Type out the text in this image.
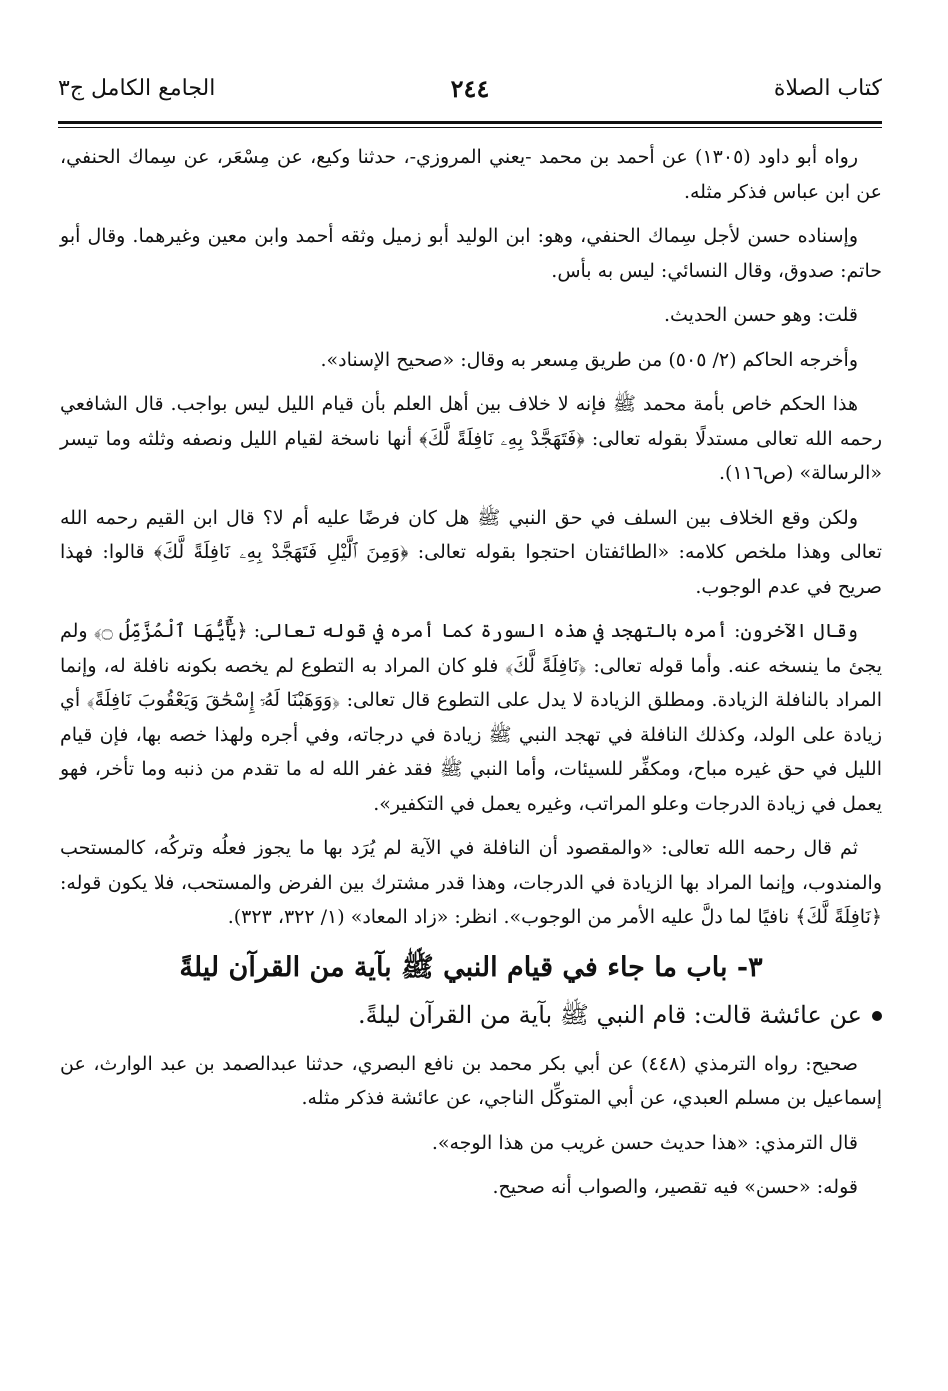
كتاب الصلاة
٢٤٤
الجامع الكامل ج٣

رواه أبو داود (١٣٠٥) عن أحمد بن محمد -يعني المروزي-، حدثنا وكيع، عن مِسْعَر، عن سِماك الحنفي، عن ابن عباس فذكر مثله.

وإسناده حسن لأجل سِماك الحنفي، وهو: ابن الوليد أبو زميل وثقه أحمد وابن معين وغيرهما. وقال أبو حاتم: صدوق، وقال النسائي: ليس به بأس.

قلت: وهو حسن الحديث.

وأخرجه الحاكم (٢/ ٥٠٥) من طريق مِسعر به وقال: «صحيح الإسناد».

هذا الحكم خاص بأمة محمد ﷺ فإنه لا خلاف بين أهل العلم بأن قيام الليل ليس بواجب. قال الشافعي رحمه الله تعالى مستدلًا بقوله تعالى: ﴿فَتَهَجَّدْ بِهِۦ نَافِلَةً لَّكَ﴾ أنها ناسخة لقيام الليل ونصفه وثلثه وما تيسر «الرسالة» (ص١١٦).

ولكن وقع الخلاف بين السلف في حق النبي ﷺ هل كان فرضًا عليه أم لا؟ قال ابن القيم رحمه الله تعالى وهذا ملخص كلامه: «الطائفتان احتجوا بقوله تعالى: ﴿وَمِنَ ٱلَّيْلِ فَتَهَجَّدْ بِهِۦ نَافِلَةً لَّكَ﴾ قالوا: فهذا صريح في عدم الوجوب.

وقال الآخرون: أمره بالتهجد في هذه السورة كما أمره في قوله تعالى: ﴿يَٰٓأَيُّهَا ٱلْمُزَّمِّلُ ۝﴾ ولم يجئ ما ينسخه عنه. وأما قوله تعالى: ﴿نَافِلَةً لَّكَ﴾ فلو كان المراد به التطوع لم يخصه بكونه نافلة له، وإنما المراد بالنافلة الزيادة. ومطلق الزيادة لا يدل على التطوع قال تعالى: ﴿وَوَهَبْنَا لَهُۥٓ إِسْحَٰقَ وَيَعْقُوبَ نَافِلَةً﴾ أي زيادة على الولد، وكذلك النافلة في تهجد النبي ﷺ زيادة في درجاته، وفي أجره ولهذا خصه بها، فإن قيام الليل في حق غيره مباح، ومكفِّر للسيئات، وأما النبي ﷺ فقد غفر الله له ما تقدم من ذنبه وما تأخر، فهو يعمل في زيادة الدرجات وعلو المراتب، وغيره يعمل في التكفير».

ثم قال رحمه الله تعالى: «والمقصود أن النافلة في الآية لم يُرَد بها ما يجوز فعلُه وتركُه، كالمستحب والمندوب، وإنما المراد بها الزيادة في الدرجات، وهذا قدر مشترك بين الفرض والمستحب، فلا يكون قوله: ﴿نَافِلَةً لَّكَ﴾ نافيًا لما دلَّ عليه الأمر من الوجوب». انظر: «زاد المعاد» (١/ ٣٢٢، ٣٢٣).

٣- باب ما جاء في قيام النبي ﷺ بآية من القرآن ليلةً

عن عائشة قالت: قام النبي ﷺ بآية من القرآن ليلةً.

صحيح: رواه الترمذي (٤٤٨) عن أبي بكر محمد بن نافع البصري، حدثنا عبدالصمد بن عبد الوارث، عن إسماعيل بن مسلم العبدي، عن أبي المتوكِّل الناجي، عن عائشة فذكر مثله.

قال الترمذي: «هذا حديث حسن غريب من هذا الوجه».

قوله: «حسن» فيه تقصير، والصواب أنه صحيح.
